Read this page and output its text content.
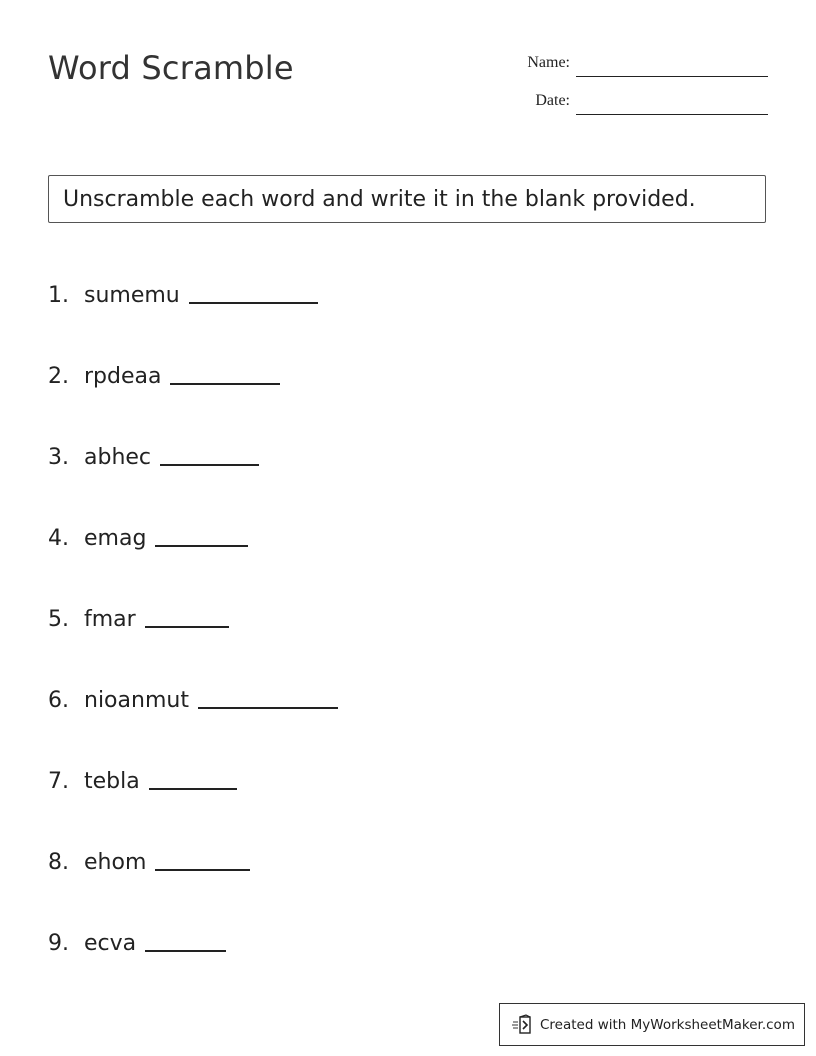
Word Scramble	Name:
Date:
Unscramble each word and write it in the blank provided.
1. sumemu
2. rpdeaa
3. abhec
4. emag
5. fmar
6. nioanmut
7. tebla
8. ehom
9. ecva
Created with MyWorksheetMaker.com
